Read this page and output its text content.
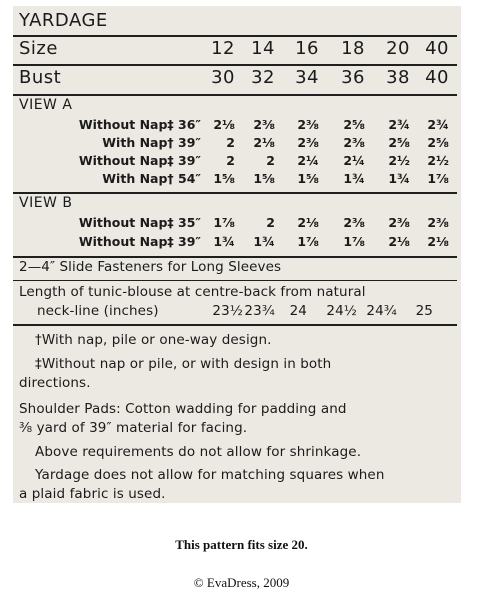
YARDAGE
Size	12 14	16	18	20 40
Bust	30 32	34	36	38 40
VIEW A
Without Nap‡ 36″ 2⅛	2⅜	2⅜	2⅝	2¾	2¾
With Nap† 39″	2	2⅛	2⅜	2⅜	2⅝	2⅝
Without Nap‡ 39″	2	2	2¼	2¼	2½	2½
With Nap† 54″ 1⅝	1⅝	1⅝	1¾	1¾	1⅞
VIEW B
Without Nap‡ 35″ 1⅞	2	2⅛	2⅜	2⅜	2⅜
Without Nap‡ 39″ 1¾	1¾	1⅞	1⅞	2⅛	2⅛
2—4″ Slide Fasteners for Long Sleeves
Length of tunic-blouse at centre-back from natural
neck-line (inches)	23½ 23¾	24 24½ 24¾	25
†With nap, pile or one-way design.
‡Without nap or pile, or with design in both
directions.
Shoulder Pads: Cotton wadding for padding and
⅜ yard of 39″ material for facing.
Above requirements do not allow for shrinkage.
Yardage does not allow for matching squares when
a plaid fabric is used.
This pattern fits size 20.
© EvaDress, 2009
